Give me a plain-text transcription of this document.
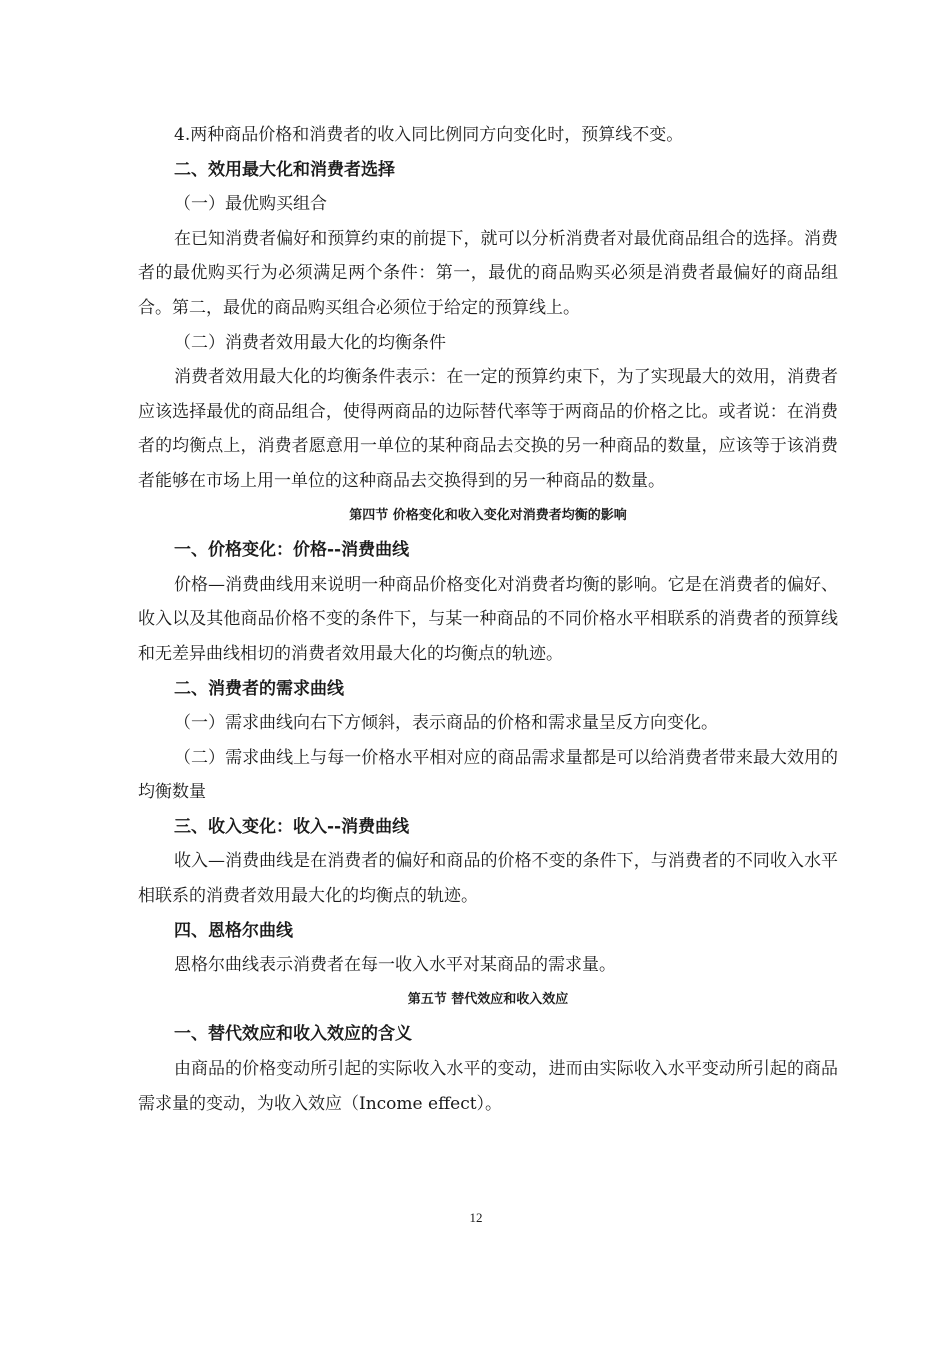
4.两种商品价格和消费者的收入同比例同方向变化时，预算线不变。

二、效用最大化和消费者选择

（一）最优购买组合

在已知消费者偏好和预算约束的前提下，就可以分析消费者对最优商品组合的选择。消费者的最优购买行为必须满足两个条件：第一，最优的商品购买必须是消费者最偏好的商品组合。第二，最优的商品购买组合必须位于给定的预算线上。

（二）消费者效用最大化的均衡条件

消费者效用最大化的均衡条件表示：在一定的预算约束下，为了实现最大的效用，消费者应该选择最优的商品组合，使得两商品的边际替代率等于两商品的价格之比。或者说：在消费者的均衡点上，消费者愿意用一单位的某种商品去交换的另一种商品的数量，应该等于该消费者能够在市场上用一单位的这种商品去交换得到的另一种商品的数量。

第四节 价格变化和收入变化对消费者均衡的影响

一、价格变化：价格--消费曲线

价格—消费曲线用来说明一种商品价格变化对消费者均衡的影响。它是在消费者的偏好、收入以及其他商品价格不变的条件下，与某一种商品的不同价格水平相联系的消费者的预算线和无差异曲线相切的消费者效用最大化的均衡点的轨迹。

二、消费者的需求曲线

（一）需求曲线向右下方倾斜，表示商品的价格和需求量呈反方向变化。

（二）需求曲线上与每一价格水平相对应的商品需求量都是可以给消费者带来最大效用的均衡数量

三、收入变化：收入--消费曲线

收入—消费曲线是在消费者的偏好和商品的价格不变的条件下，与消费者的不同收入水平相联系的消费者效用最大化的均衡点的轨迹。

四、恩格尔曲线

恩格尔曲线表示消费者在每一收入水平对某商品的需求量。

第五节 替代效应和收入效应

一、替代效应和收入效应的含义

由商品的价格变动所引起的实际收入水平的变动，进而由实际收入水平变动所引起的商品需求量的变动，为收入效应（Income effect）。

12
